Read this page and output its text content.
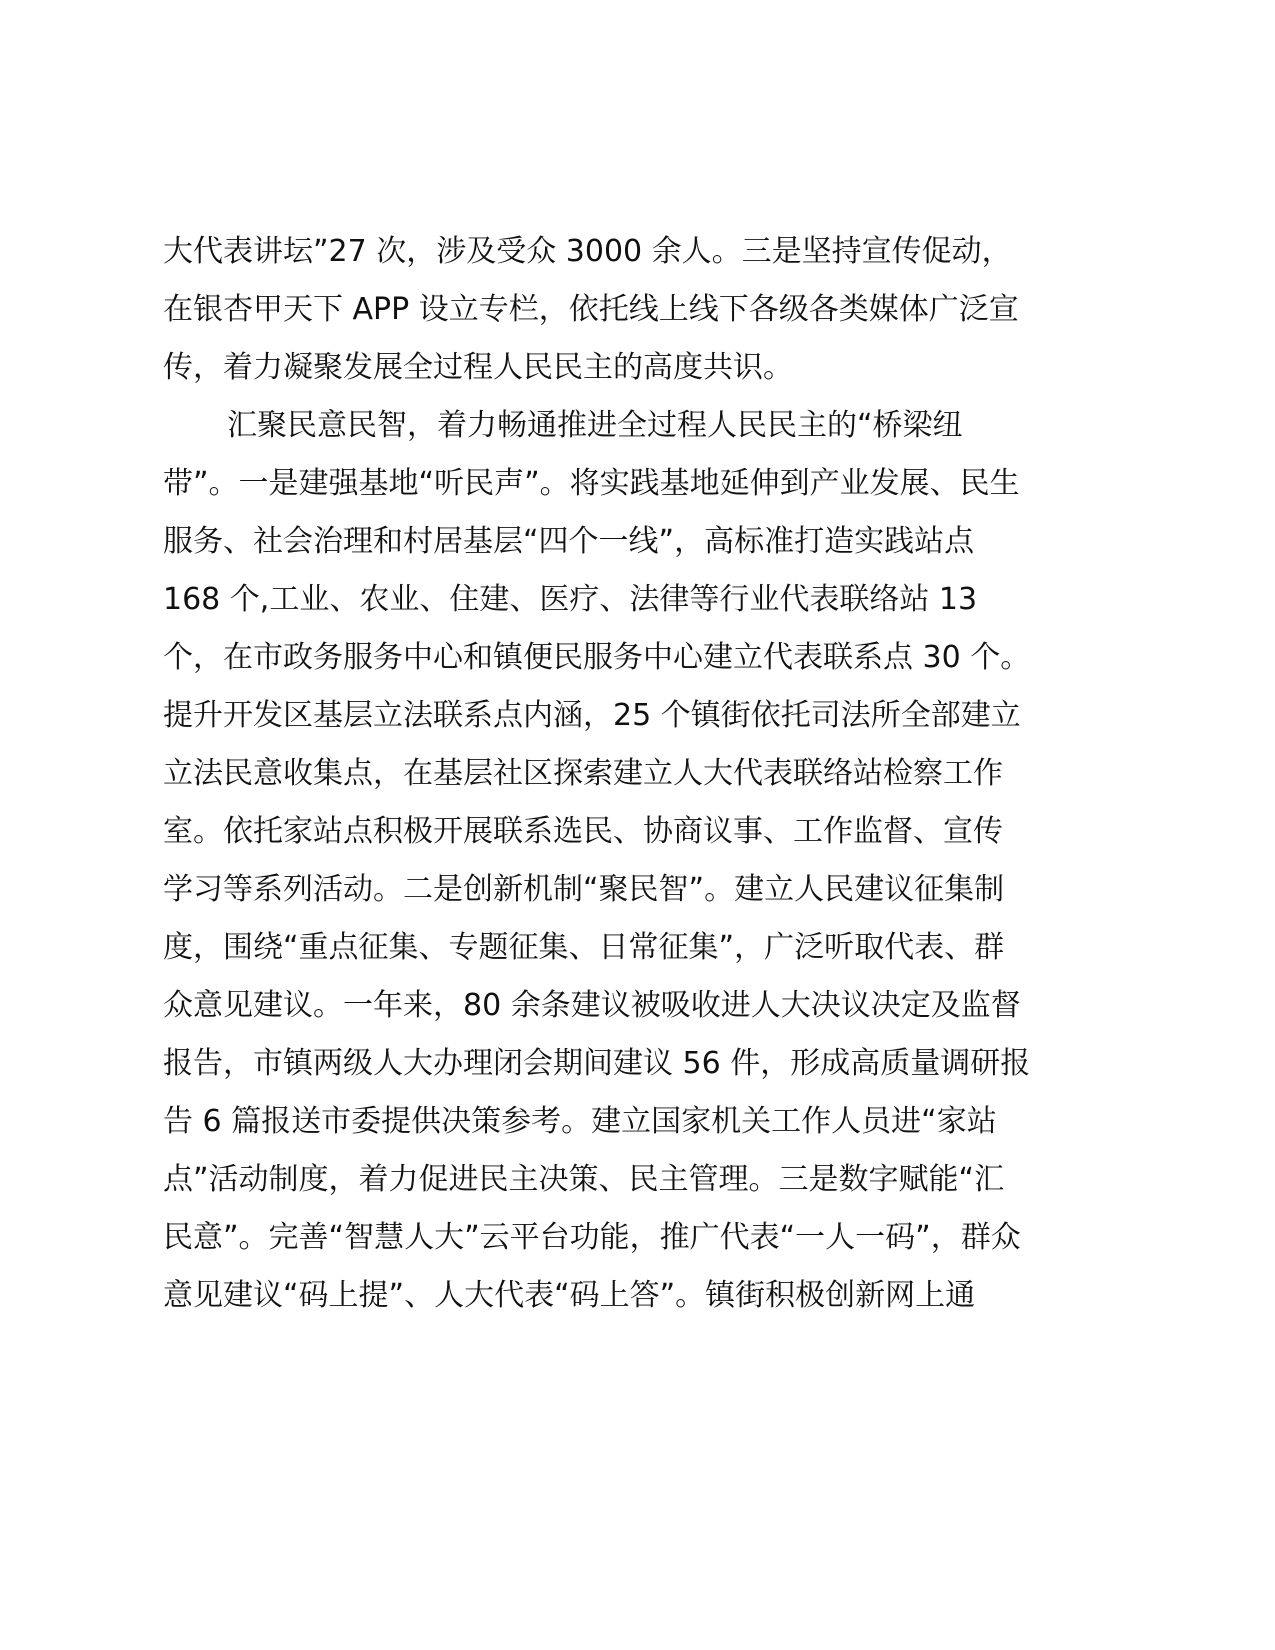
大代表讲坛”27 次，涉及受众 3000 余人。三是坚持宣传促动，
在银杏甲天下 APP 设立专栏，依托线上线下各级各类媒体广泛宣
传，着力凝聚发展全过程人民民主的高度共识。
汇聚民意民智，着力畅通推进全过程人民民主的“桥梁纽
带”。一是建强基地“听民声”。将实践基地延伸到产业发展、民生
服务、社会治理和村居基层“四个一线”，高标准打造实践站点
168 个,工业、农业、住建、医疗、法律等行业代表联络站 13
个，在市政务服务中心和镇便民服务中心建立代表联系点 30 个。
提升开发区基层立法联系点内涵，25 个镇街依托司法所全部建立
立法民意收集点，在基层社区探索建立人大代表联络站检察工作
室。依托家站点积极开展联系选民、协商议事、工作监督、宣传
学习等系列活动。二是创新机制“聚民智”。建立人民建议征集制
度，围绕“重点征集、专题征集、日常征集”，广泛听取代表、群
众意见建议。一年来，80 余条建议被吸收进人大决议决定及监督
报告，市镇两级人大办理闭会期间建议 56 件，形成高质量调研报
告 6 篇报送市委提供决策参考。建立国家机关工作人员进“家站
点”活动制度，着力促进民主决策、民主管理。三是数字赋能“汇
民意”。完善“智慧人大”云平台功能，推广代表“一人一码”，群众
意见建议“码上提”、人大代表“码上答”。镇街积极创新网上通
